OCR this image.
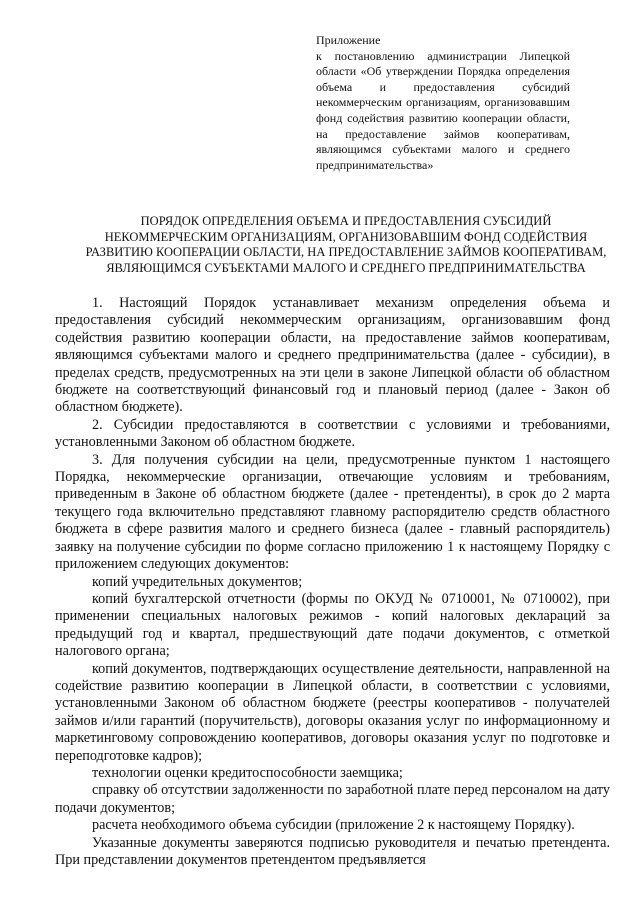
Приложение
к постановлению администрации Липецкой области «Об утверждении Порядка определения объема и предоставления субсидий некоммерческим организациям, организовавшим фонд содействия развитию кооперации области, на предоставление займов кооперативам, являющимся субъектами малого и среднего предпринимательства»
ПОРЯДОК ОПРЕДЕЛЕНИЯ ОБЪЕМА И ПРЕДОСТАВЛЕНИЯ СУБСИДИЙ НЕКОММЕРЧЕСКИМ ОРГАНИЗАЦИЯМ, ОРГАНИЗОВАВШИМ ФОНД СОДЕЙСТВИЯ РАЗВИТИЮ КООПЕРАЦИИ ОБЛАСТИ, НА ПРЕДОСТАВЛЕНИЕ ЗАЙМОВ КООПЕРАТИВАМ, ЯВЛЯЮЩИМСЯ СУБЪЕКТАМИ МАЛОГО И СРЕДНЕГО ПРЕДПРИНИМАТЕЛЬСТВА

1. Настоящий Порядок устанавливает механизм определения объема и предоставления субсидий некоммерческим организациям, организовавшим фонд содействия развитию кооперации области, на предоставление займов кооперативам, являющимся субъектами малого и среднего предпринимательства (далее - субсидии), в пределах средств, предусмотренных на эти цели в законе Липецкой области об областном бюджете на соответствующий финансовый год и плановый период (далее - Закон об областном бюджете).

2. Субсидии предоставляются в соответствии с условиями и требованиями, установленными Законом об областном бюджете.

3. Для получения субсидии на цели, предусмотренные пунктом 1 настоящего Порядка, некоммерческие организации, отвечающие условиям и требованиям, приведенным в Законе об областном бюджете (далее - претенденты), в срок до 2 марта текущего года включительно представляют главному распорядителю средств областного бюджета в сфере развития малого и среднего бизнеса (далее - главный распорядитель) заявку на получение субсидии по форме согласно приложению 1 к настоящему Порядку с приложением следующих документов:

копий учредительных документов;

копий бухгалтерской отчетности (формы по ОКУД № 0710001, № 0710002), при применении специальных налоговых режимов - копий налоговых деклараций за предыдущий год и квартал, предшествующий дате подачи документов, с отметкой налогового органа;

копий документов, подтверждающих осуществление деятельности, направленной на содействие развитию кооперации в Липецкой области, в соответствии с условиями, установленными Законом об областном бюджете (реестры кооперативов - получателей займов и/или гарантий (поручительств), договоры оказания услуг по информационному и маркетинговому сопровождению кооперативов, договоры оказания услуг по подготовке и переподготовке кадров);

технологии оценки кредитоспособности заемщика;

справку об отсутствии задолженности по заработной плате перед персоналом на дату подачи документов;

расчета необходимого объема субсидии (приложение 2 к настоящему Порядку).

Указанные документы заверяются подписью руководителя и печатью претендента. При представлении документов претендентом предъявляется
